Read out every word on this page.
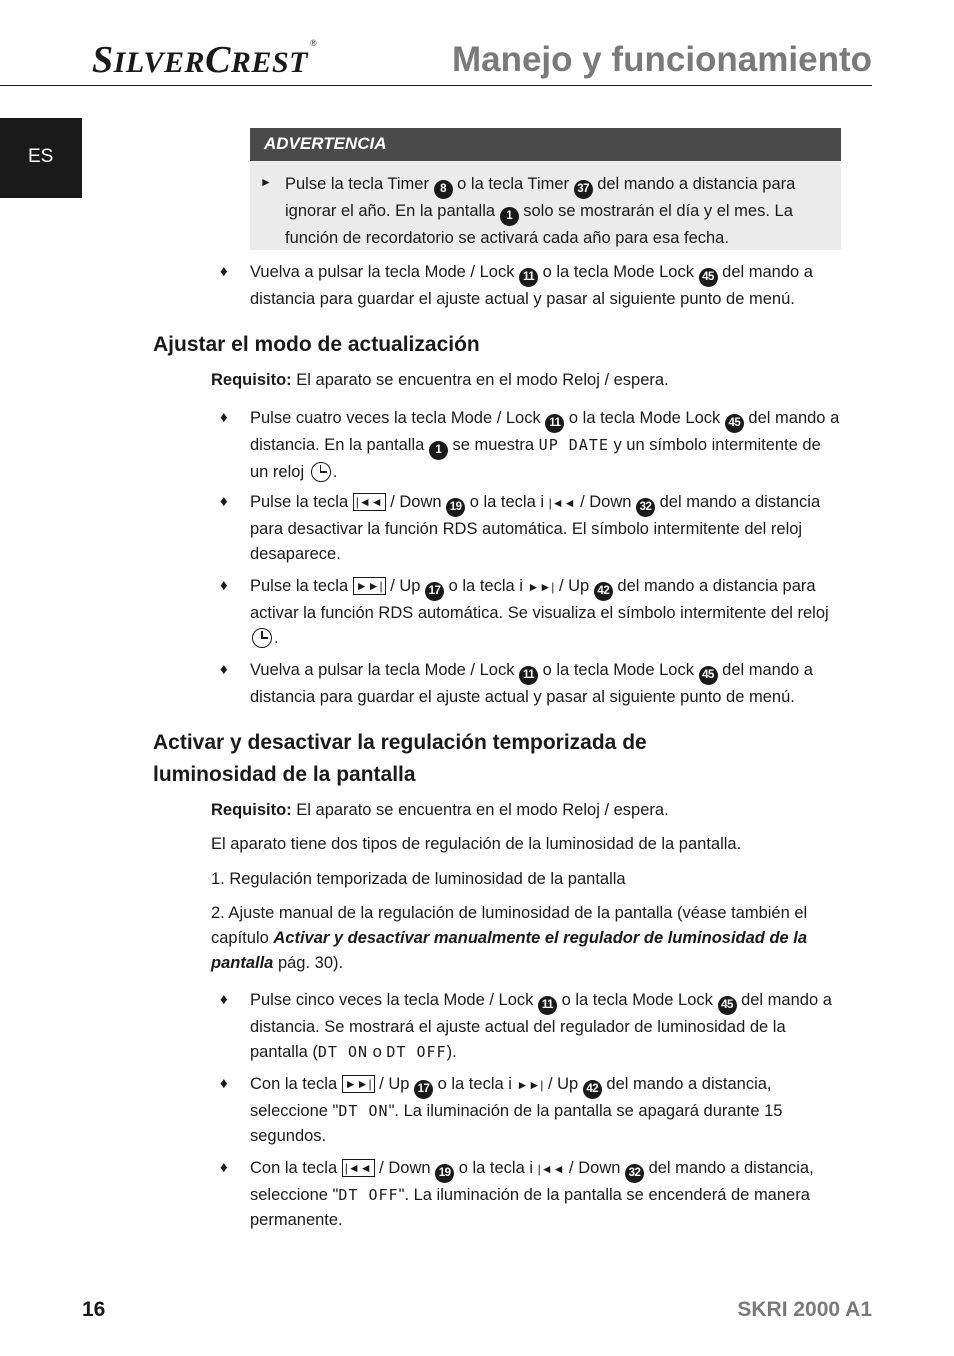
SILVERCREST®	Manejo y funcionamiento
ES
ADVERTENCIA
► Pulse la tecla Timer 8 o la tecla Timer 37 del mando a distancia para ignorar el año. En la pantalla 1 solo se mostrarán el día y el mes. La función de recordatorio se activará cada año para esa fecha.
♦ Vuelva a pulsar la tecla Mode / Lock 11 o la tecla Mode Lock 45 del mando a distancia para guardar el ajuste actual y pasar al siguiente punto de menú.
Ajustar el modo de actualización
Requisito: El aparato se encuentra en el modo Reloj / espera.
♦ Pulse cuatro veces la tecla Mode / Lock 11 o la tecla Mode Lock 45 del mando a distancia. En la pantalla 1 se muestra UP DATE y un símbolo intermitente de un reloj .
♦ Pulse la tecla |◄◄ / Down 19 o la tecla i |◄◄ / Down 32 del mando a distancia para desactivar la función RDS automática. El símbolo intermitente del reloj desaparece.
♦ Pulse la tecla ►►| / Up 17 o la tecla i ►►| / Up 42 del mando a distancia para activar la función RDS automática. Se visualiza el símbolo intermitente del reloj .
♦ Vuelva a pulsar la tecla Mode / Lock 11 o la tecla Mode Lock 45 del mando a distancia para guardar el ajuste actual y pasar al siguiente punto de menú.
Activar y desactivar la regulación temporizada de
luminosidad de la pantalla
Requisito: El aparato se encuentra en el modo Reloj / espera.
El aparato tiene dos tipos de regulación de la luminosidad de la pantalla.
1. Regulación temporizada de luminosidad de la pantalla
2. Ajuste manual de la regulación de luminosidad de la pantalla (véase también el capítulo Activar y desactivar manualmente el regulador de luminosidad de la pantalla pág. 30).
♦ Pulse cinco veces la tecla Mode / Lock 11 o la tecla Mode Lock 45 del mando a distancia. Se mostrará el ajuste actual del regulador de luminosidad de la pantalla (DT ON o DT OFF).
♦ Con la tecla ►►| / Up 17 o la tecla i ►►| / Up 42 del mando a distancia, seleccione "DT ON". La iluminación de la pantalla se apagará durante 15 segundos.
♦ Con la tecla |◄◄ / Down 19 o la tecla i |◄◄ / Down 32 del mando a distancia, seleccione "DT OFF". La iluminación de la pantalla se encenderá de manera permanente.
16	SKRI 2000 A1
